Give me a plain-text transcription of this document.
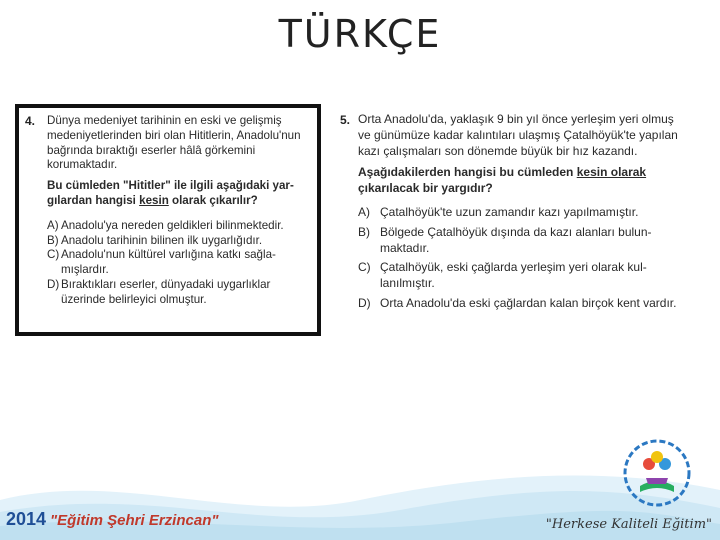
TÜRKÇE
4.	Dünya medeniyet tarihinin en eski ve gelişmiş medeniyetlerinden biri olan Hititlerin, Anadolu'nun bağrında bıraktığı eserler hâlâ görkemini korumaktadır.
Bu cümleden "Hititler" ile ilgili aşağıdaki yargılardan hangisi kesin olarak çıkarılır?
A) Anadolu'ya nereden geldikleri bilinmektedir.
B) Anadolu tarihinin bilinen ilk uygarlığıdır.
C) Anadolu'nun kültürel varlığına katkı sağlamışlardır.
D) Bıraktıkları eserler, dünyadaki uygarlıklar üzerinde belirleyici olmuştur.
5. Orta Anadolu'da, yaklaşık 9 bin yıl önce yerleşim yeri olmuş ve günümüze kadar kalıntıları ulaşmış Çatalhöyük'te yapılan kazı çalışmaları son dönemde büyük bir hız kazandı.
Aşağıdakilerden hangisi bu cümleden kesin olarak çıkarılacak bir yargıdır?
A) Çatalhöyük'te uzun zamandır kazı yapılmamıştır.
B) Bölgede Çatalhöyük dışında da kazı alanları bulunmaktadır.
C) Çatalhöyük, eski çağlarda yerleşim yeri olarak kullanılmıştır.
D) Orta Anadolu'da eski çağlardan kalan birçok kent vardır.
2014 "Eğitim Şehri Erzincan"	"Herkese Kaliteli Eğitim"
